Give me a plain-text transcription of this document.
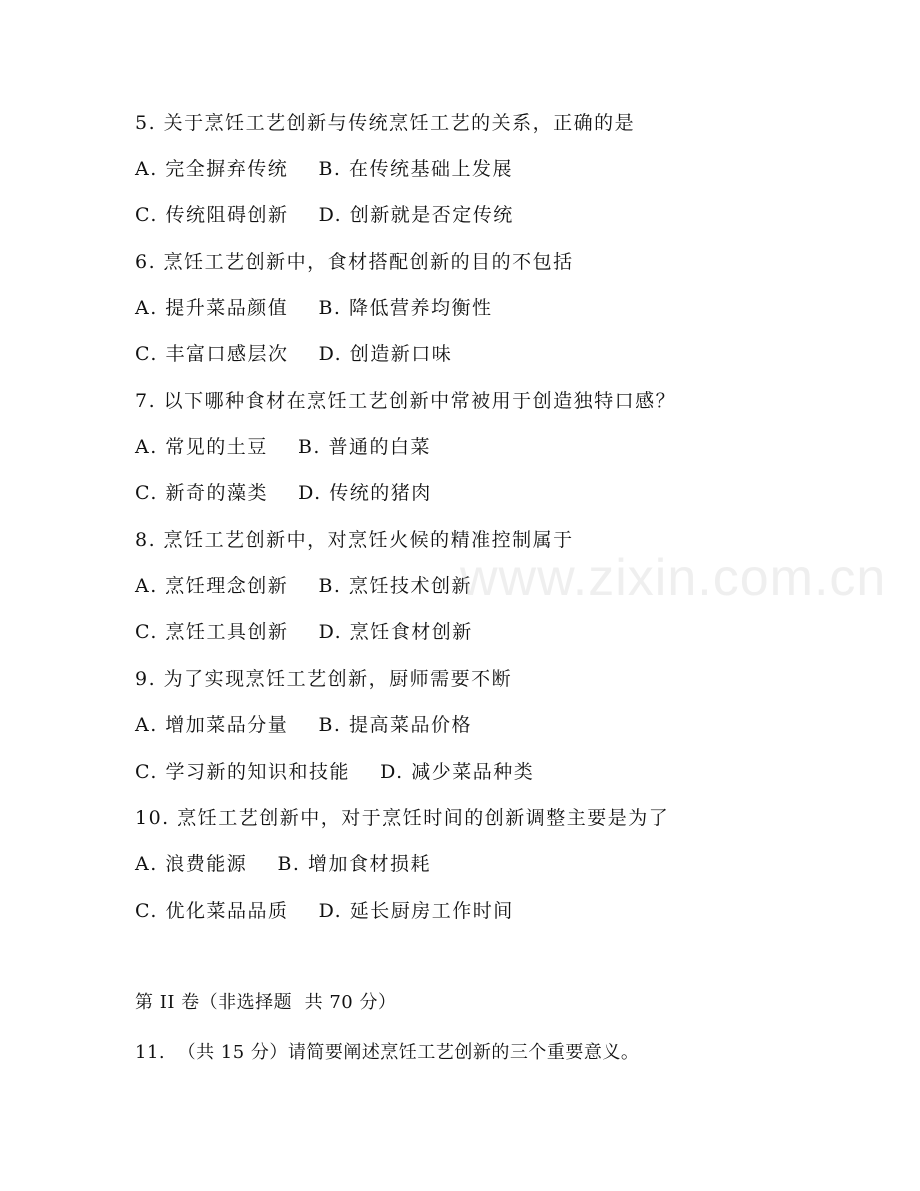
5. 关于烹饪工艺创新与传统烹饪工艺的关系，正确的是
A. 完全摒弃传统    B. 在传统基础上发展
C. 传统阻碍创新    D. 创新就是否定传统
6. 烹饪工艺创新中，食材搭配创新的目的不包括
A. 提升菜品颜值    B. 降低营养均衡性
C. 丰富口感层次    D. 创造新口味
7. 以下哪种食材在烹饪工艺创新中常被用于创造独特口感？
A. 常见的土豆    B. 普通的白菜
C. 新奇的藻类    D. 传统的猪肉
8. 烹饪工艺创新中，对烹饪火候的精准控制属于
A. 烹饪理念创新    B. 烹饪技术创新
C. 烹饪工具创新    D. 烹饪食材创新
9. 为了实现烹饪工艺创新，厨师需要不断
A. 增加菜品分量    B. 提高菜品价格
C. 学习新的知识和技能    D. 减少菜品种类
10. 烹饪工艺创新中，对于烹饪时间的创新调整主要是为了
A. 浪费能源    B. 增加食材损耗
C. 优化菜品品质    D. 延长厨房工作时间
第 II 卷（非选择题  共 70 分）
11.  （共 15 分）请简要阐述烹饪工艺创新的三个重要意义。
www.zixin.com.cn
